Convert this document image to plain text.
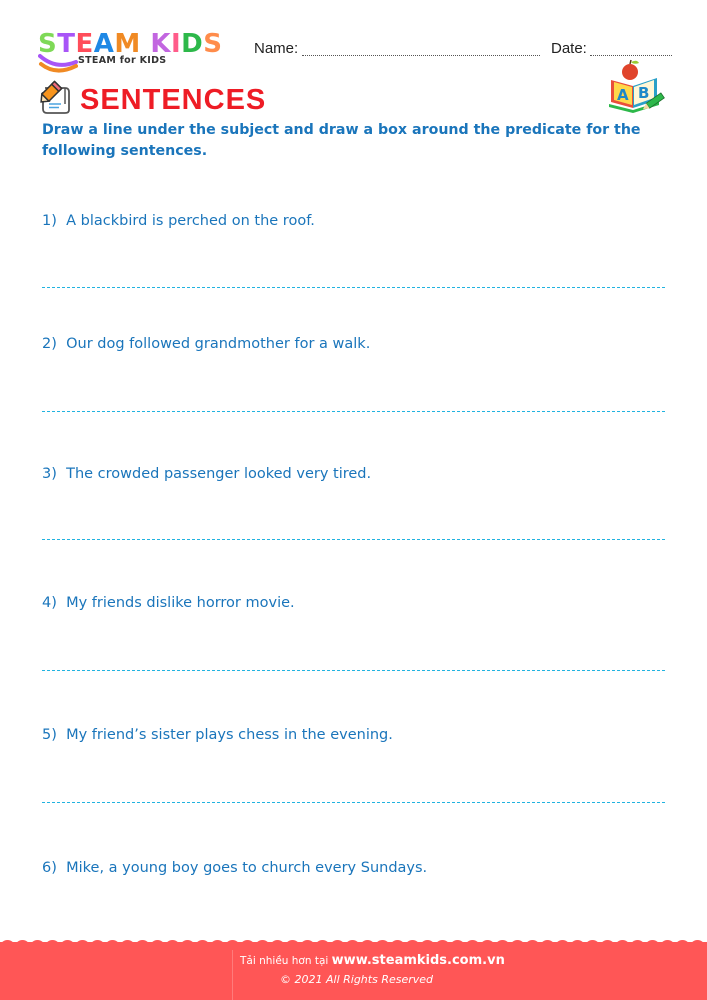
STEAM KIDS
STEAM for KIDS
Name:	Date:
SENTENCES	A B
Draw a line under the subject and draw a box around the predicate for the following sentences.
1) A blackbird is perched on the roof.
2) Our dog followed grandmother for a walk.
3) The crowded passenger looked very tired.
4) My friends dislike horror movie.
5) My friend’s sister plays chess in the evening.
6) Mike, a young boy goes to church every Sundays.
Tải nhiều hơn tại www.steamkids.com.vn
© 2021 All Rights Reserved
